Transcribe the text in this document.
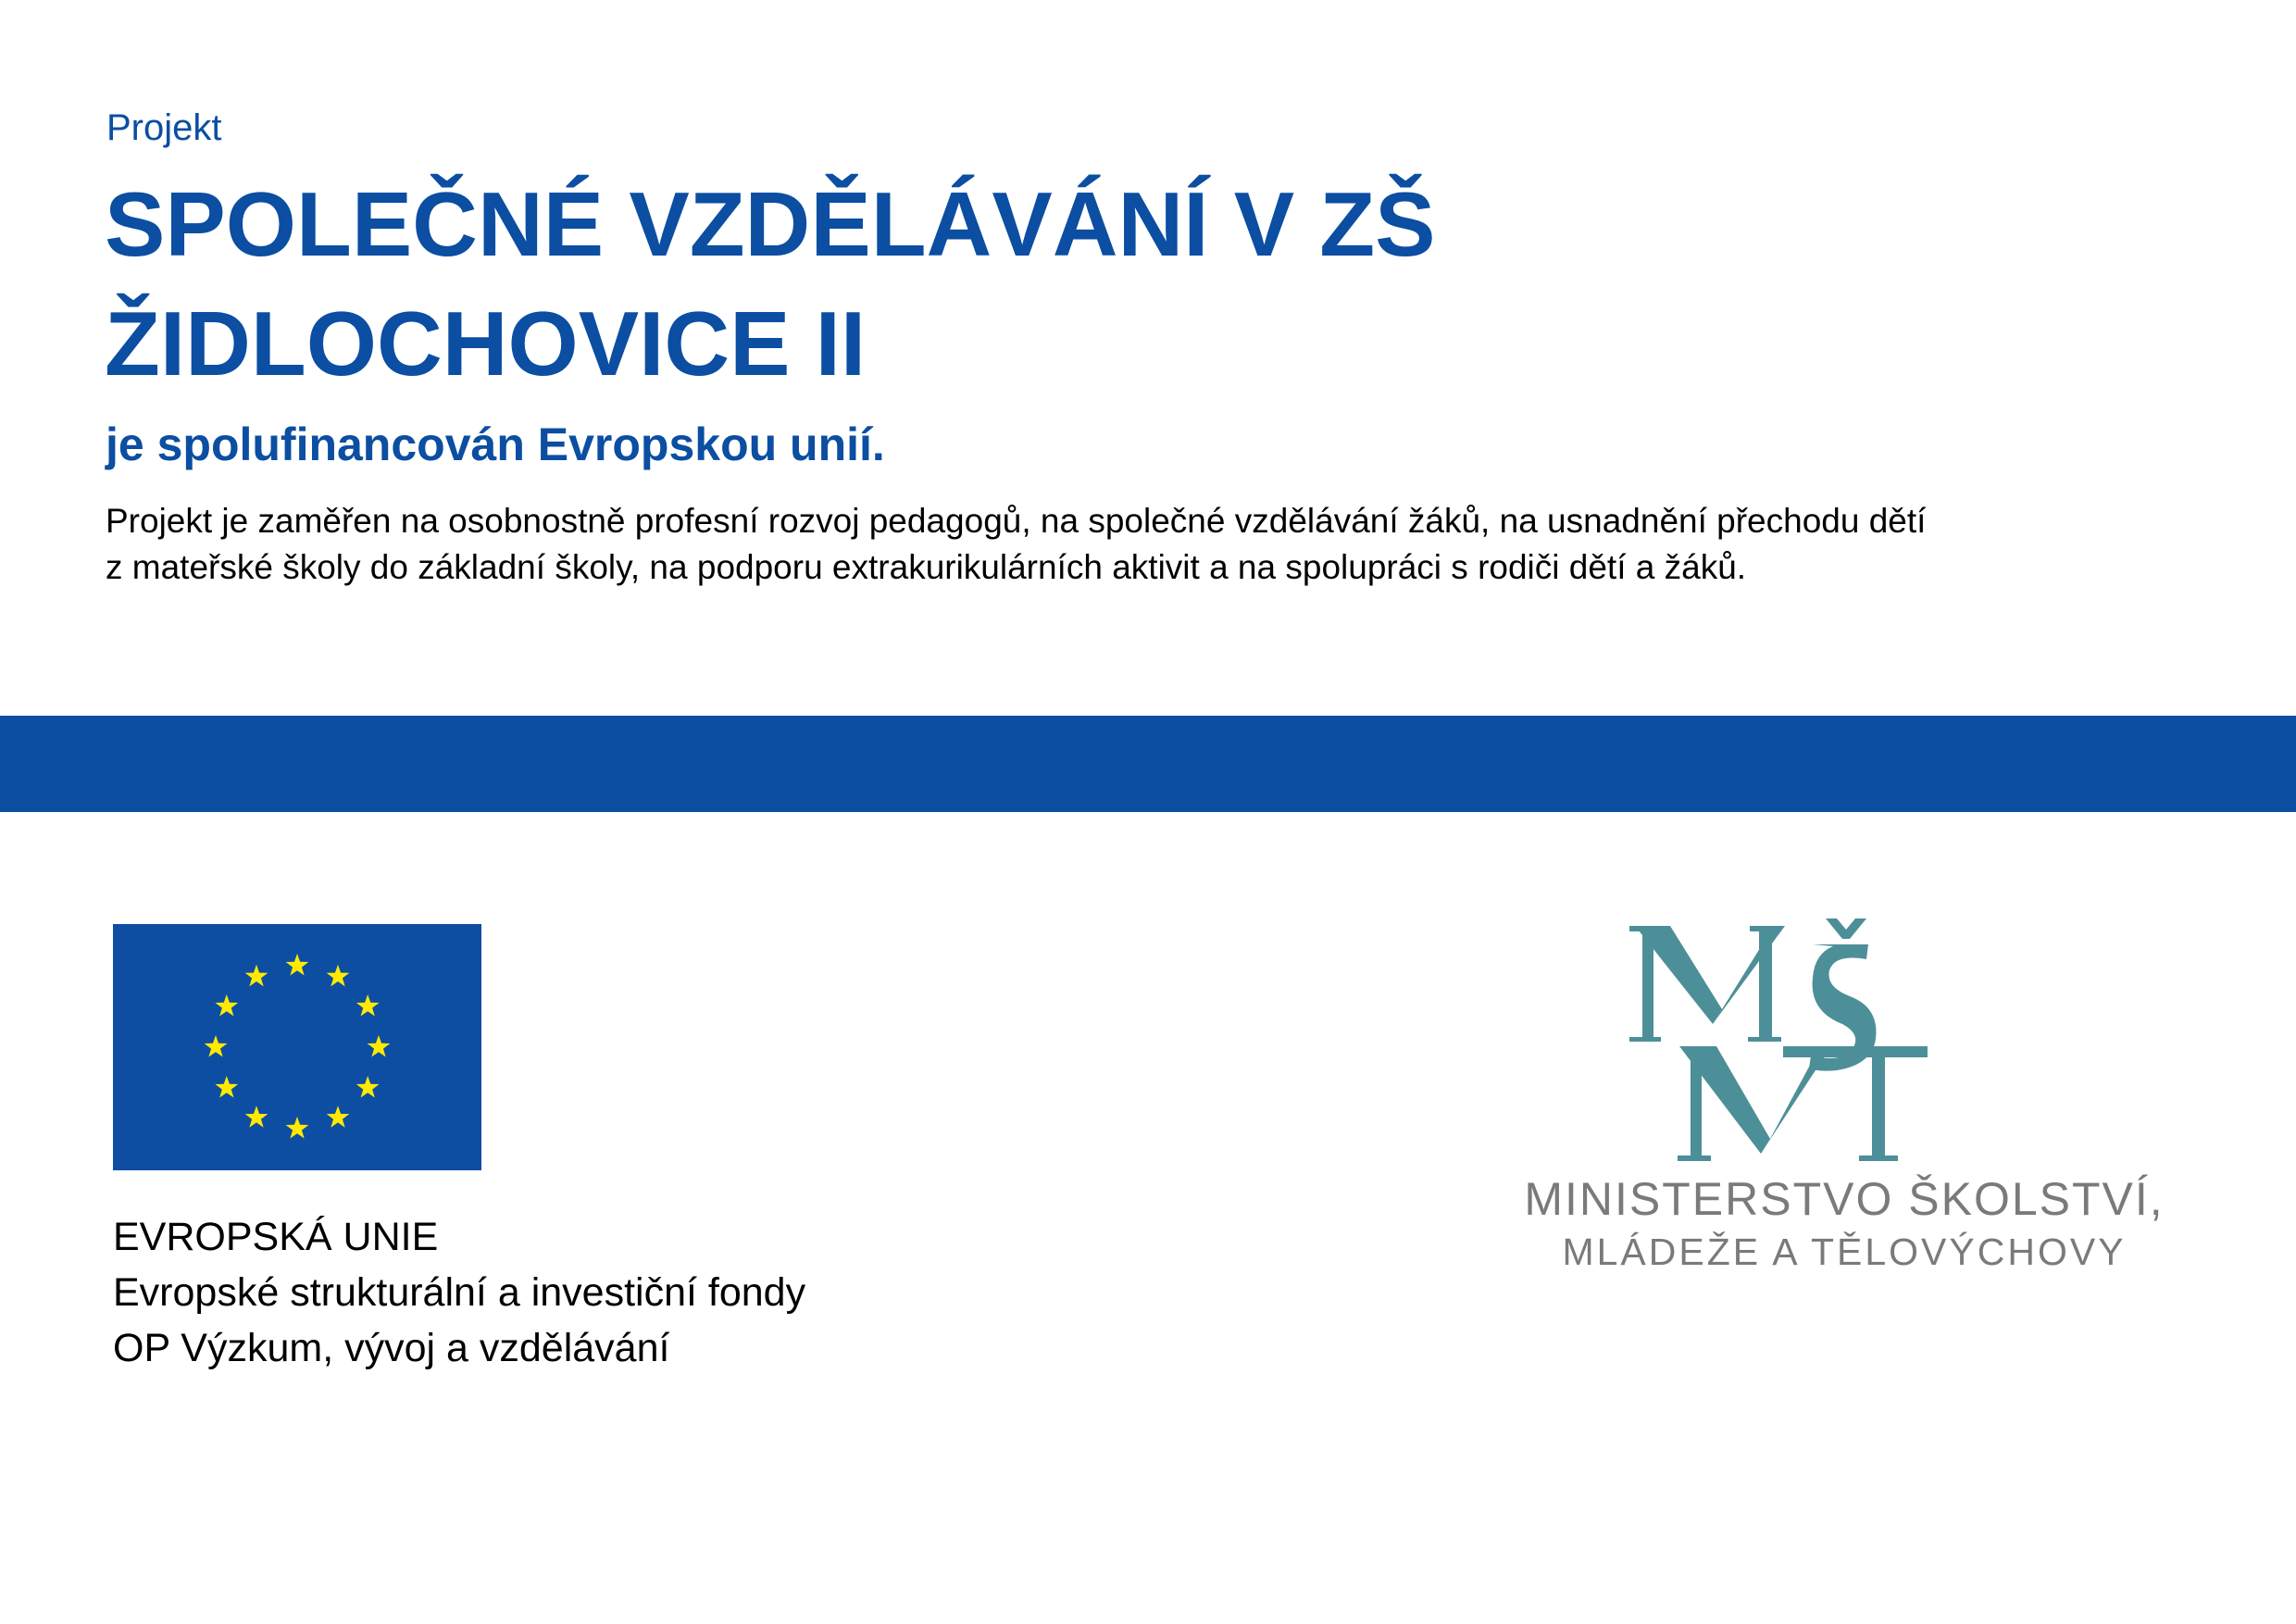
Projekt
SPOLEČNÉ VZDĚLÁVÁNÍ V ZŠ
ŽIDLOCHOVICE II
je spolufinancován Evropskou unií.

Projekt je zaměřen na osobnostně profesní rozvoj pedagogů, na společné vzdělávání žáků, na usnadnění přechodu dětí
z mateřské školy do základní školy, na podporu extrakurikulárních aktivit a na spolupráci s rodiči dětí a žáků.

EVROPSKÁ UNIE
Evropské strukturální a investiční fondy
OP Výzkum, vývoj a vzdělávání
MINISTERSTVO ŠKOLSTVÍ,
MLÁDEŽE A TĚLOVÝCHOVY
